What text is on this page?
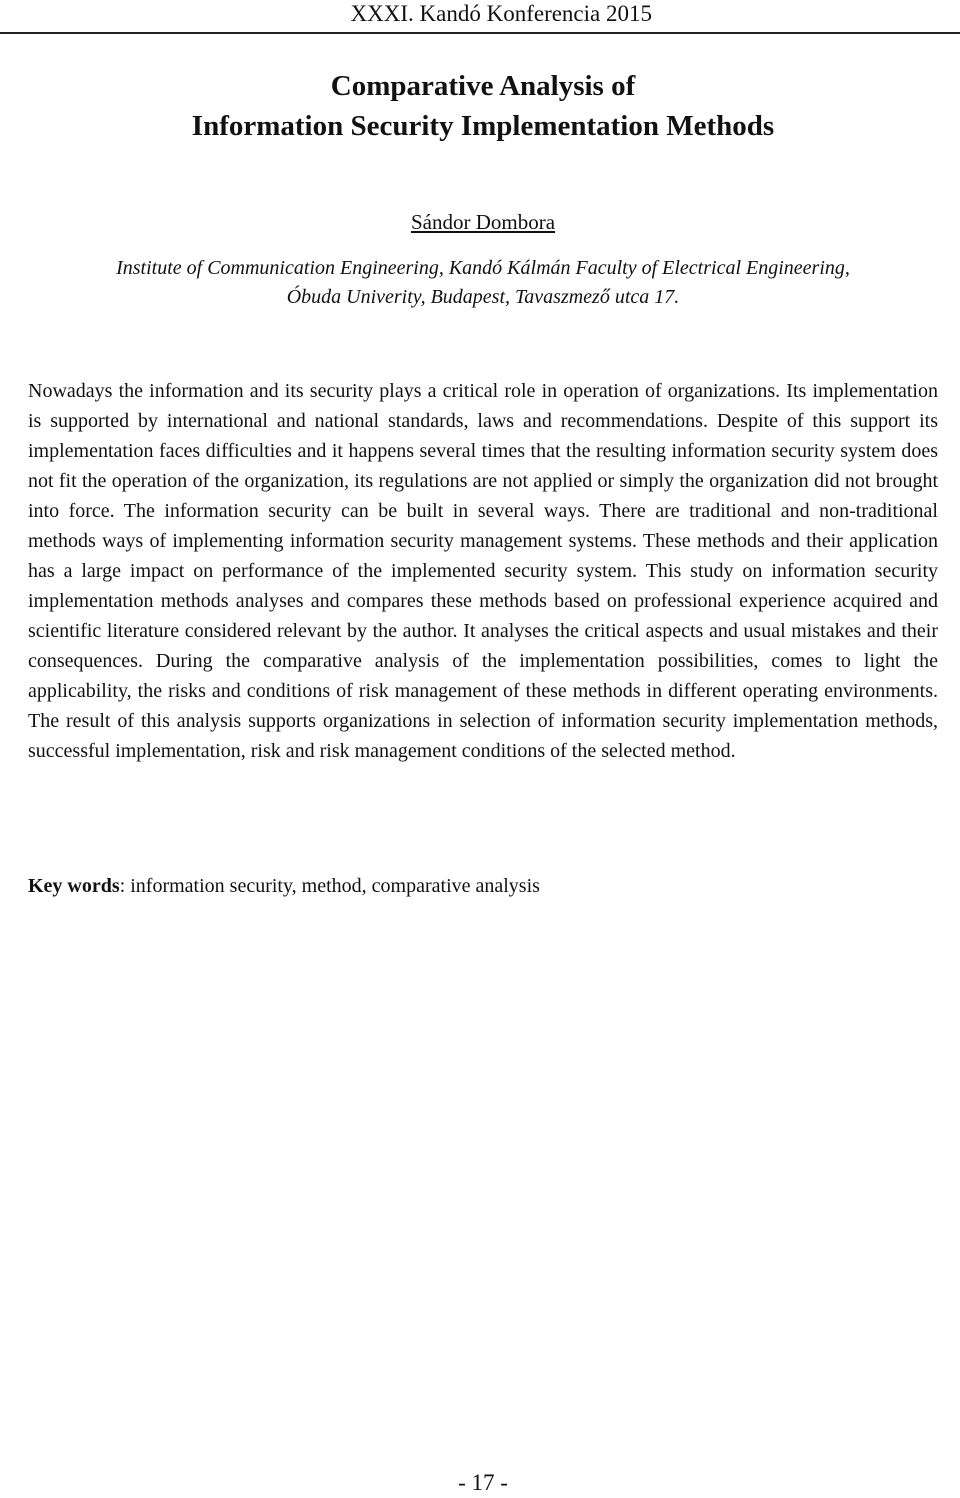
XXXI. Kandó Konferencia 2015
Comparative Analysis of
Information Security Implementation Methods
Sándor Dombora
Institute of Communication Engineering, Kandó Kálmán Faculty of Electrical Engineering,
Óbuda Univerity, Budapest, Tavaszmező utca 17.

Nowadays the information and its security plays a critical role in operation of organizations. Its implementation is supported by international and national standards, laws and recommendations. Despite of this support its implementation faces difficulties and it happens several times that the resulting information security system does not fit the operation of the organization, its regulations are not applied or simply the organization did not brought into force. The information security can be built in several ways. There are traditional and non-traditional methods ways of implementing information security management systems. These methods and their application has a large impact on performance of the implemented security system. This study on information security implementation methods analyses and compares these methods based on professional experience acquired and scientific literature considered relevant by the author. It analyses the critical aspects and usual mistakes and their consequences. During the comparative analysis of the implementation possibilities, comes to light the applicability, the risks and conditions of risk management of these methods in different operating environments. The result of this analysis supports organizations in selection of information security implementation methods, successful implementation, risk and risk management conditions of the selected method.

Key words: information security, method, comparative analysis

- 17 -
